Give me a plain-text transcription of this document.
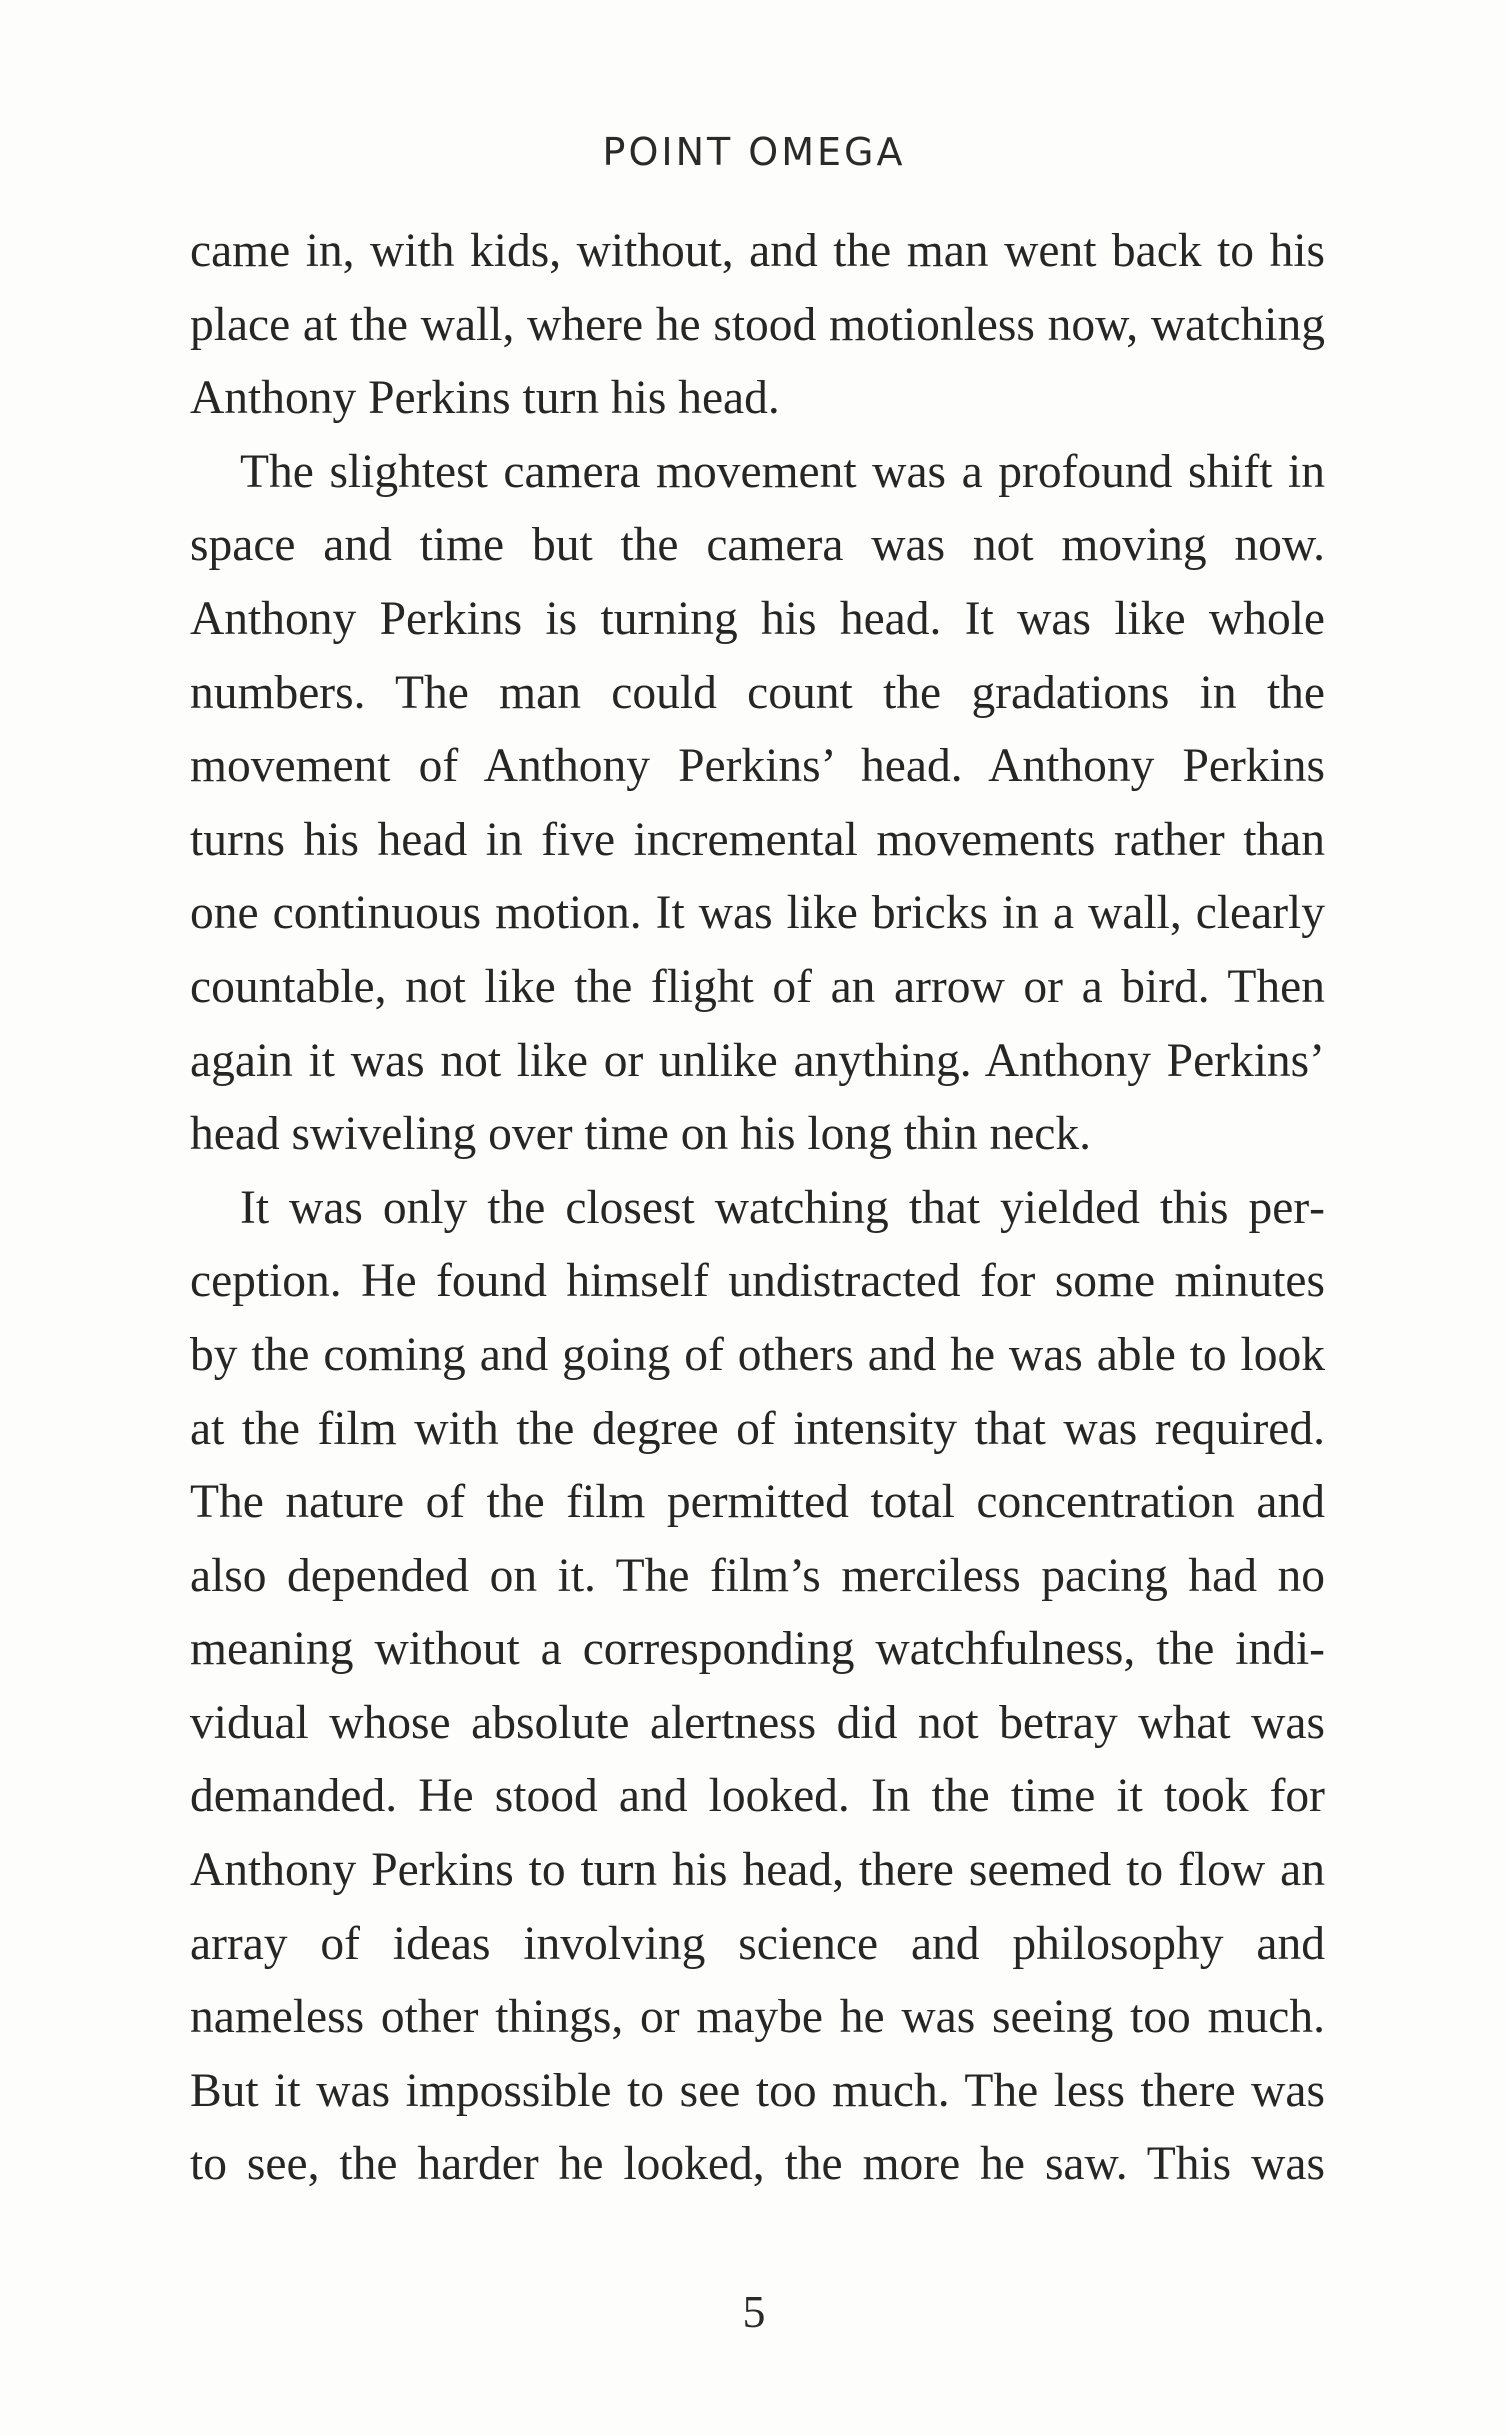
POINT OMEGA

came in, with kids, without, and the man went back to his place at the wall, where he stood motionless now, watching Anthony Perkins turn his head.

The slightest camera movement was a profound shift in space and time but the camera was not moving now. Anthony Perkins is turning his head. It was like whole numbers. The man could count the gradations in the movement of Anthony Perkins’ head. Anthony Perkins turns his head in five incremental movements rather than one continuous motion. It was like bricks in a wall, clearly countable, not like the flight of an arrow or a bird. Then again it was not like or unlike anything. Anthony Perkins’ head swiveling over time on his long thin neck.

It was only the closest watching that yielded this perception. He found himself undistracted for some minutes by the coming and going of others and he was able to look at the film with the degree of intensity that was required. The nature of the film permitted total concentration and also depended on it. The film’s merciless pacing had no meaning without a corresponding watchfulness, the individual whose absolute alertness did not betray what was demanded. He stood and looked. In the time it took for Anthony Perkins to turn his head, there seemed to flow an array of ideas involving science and philosophy and nameless other things, or maybe he was seeing too much. But it was impossible to see too much. The less there was to see, the harder he looked, the more he saw. This was

5
